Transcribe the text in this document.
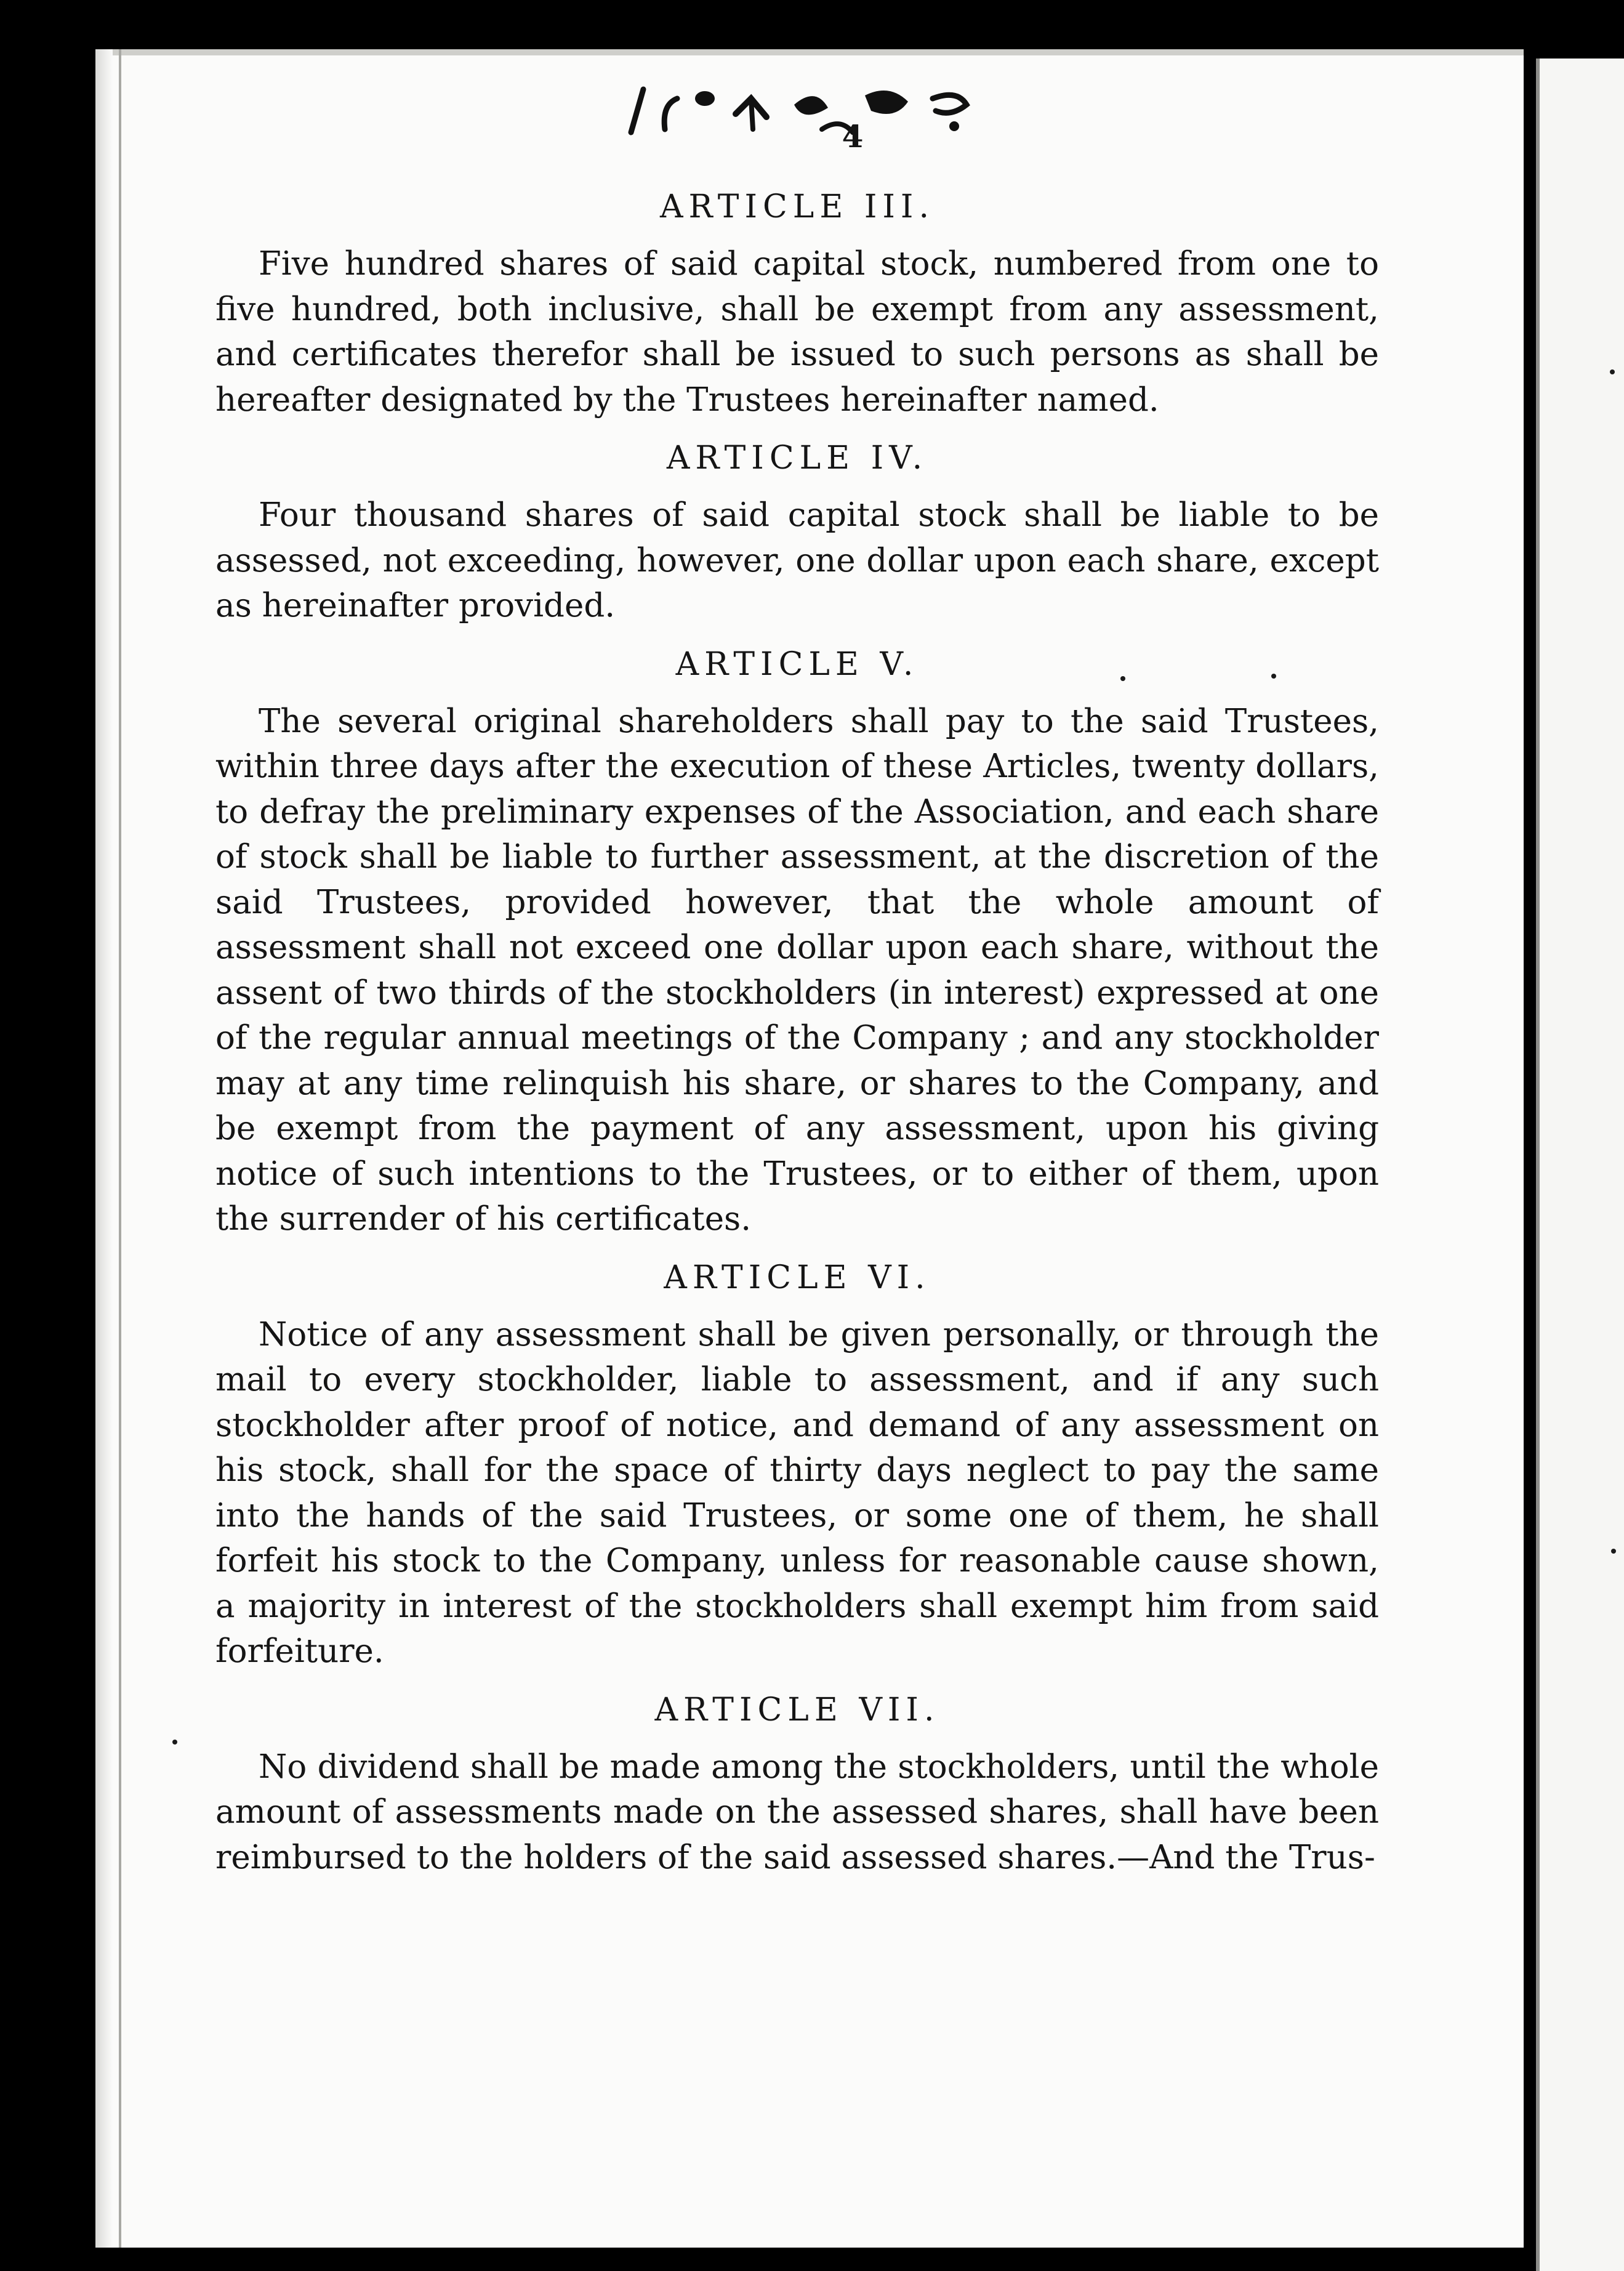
4
ARTICLE III.

Five hundred shares of said capital stock, numbered from one to five hundred, both inclusive, shall be exempt from any assessment, and certificates therefor shall be issued to such persons as shall be hereafter designated by the Trustees hereinafter named.

ARTICLE IV.

Four thousand shares of said capital stock shall be liable to be assessed, not exceeding, however, one dollar upon each share, except as hereinafter provided.

ARTICLE V.

The several original shareholders shall pay to the said Trustees, within three days after the execution of these Articles, twenty dollars, to defray the preliminary expenses of the Association, and each share of stock shall be liable to further assessment, at the discretion of the said Trustees, provided however, that the whole amount of assessment shall not exceed one dollar upon each share, without the assent of two thirds of the stockholders (in interest) expressed at one of the regular annual meetings of the Company ; and any stockholder may at any time relinquish his share, or shares to the Company, and be exempt from the payment of any assessment, upon his giving notice of such intentions to the Trustees, or to either of them, upon the surrender of his certificates.

ARTICLE VI.

Notice of any assessment shall be given personally, or through the mail to every stockholder, liable to assessment, and if any such stockholder after proof of notice, and demand of any assessment on his stock, shall for the space of thirty days neglect to pay the same into the hands of the said Trustees, or some one of them, he shall forfeit his stock to the Company, unless for reasonable cause shown, a majority in interest of the stockholders shall exempt him from said forfeiture.

ARTICLE VII.

No dividend shall be made among the stockholders, until the whole amount of assessments made on the assessed shares, shall have been reimbursed to the holders of the said assessed shares.—And the Trus-
